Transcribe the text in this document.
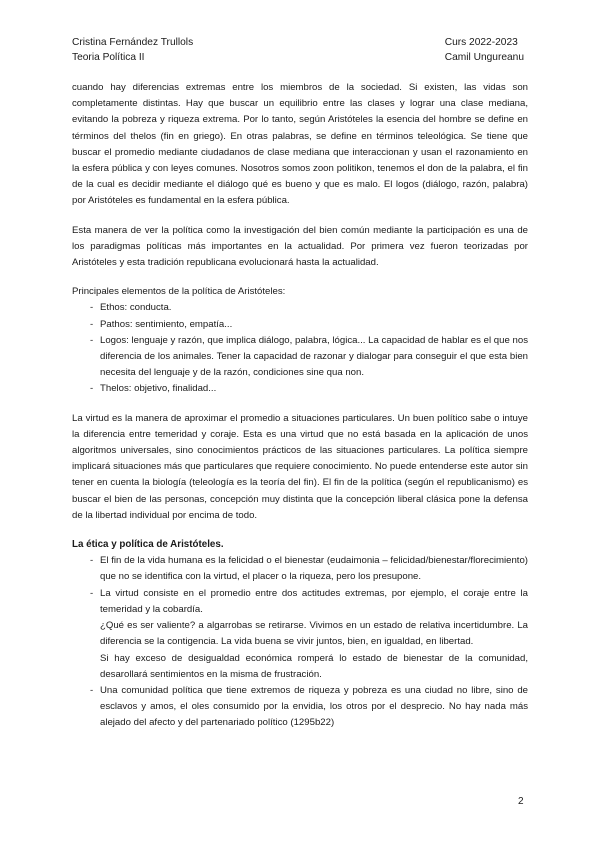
Cristina Fernández Trullols
Teoria Política II
Curs 2022-2023
Camil Ungureanu

cuando hay diferencias extremas entre los miembros de la sociedad. Si existen, las vidas son completamente distintas. Hay que buscar un equilibrio entre las clases y lograr una clase mediana, evitando la pobreza y riqueza extrema. Por lo tanto, según Aristóteles la esencia del hombre se define en términos del thelos (fin en griego). En otras palabras, se define en términos teleológica. Se tiene que buscar el promedio mediante ciudadanos de clase mediana que interaccionan y usan el razonamiento en la esfera pública y con leyes comunes. Nosotros somos zoon politikon, tenemos el don de la palabra, el fin de la cual es decidir mediante el diálogo qué es bueno y que es malo. El logos (diálogo, razón, palabra) por Aristóteles es fundamental en la esfera pública.

Esta manera de ver la política como la investigación del bien común mediante la participación es una de los paradigmas políticas más importantes en la actualidad. Por primera vez fueron teorizadas por Aristóteles y esta tradición republicana evolucionará hasta la actualidad.

Principales elementos de la política de Aristóteles:

- Ethos: conducta.
- Pathos: sentimiento, empatía...
- Logos: lenguaje y razón, que implica diálogo, palabra, lógica... La capacidad de hablar es el que nos diferencia de los animales. Tener la capacidad de razonar y dialogar para conseguir el que esta bien necesita del lenguaje y de la razón, condiciones sine qua non.
- Thelos: objetivo, finalidad...

La virtud es la manera de aproximar el promedio a situaciones particulares. Un buen político sabe o intuye la diferencia entre temeridad y coraje. Esta es una virtud que no está basada en la aplicación de unos algoritmos universales, sino conocimientos prácticos de las situaciones particulares. La política siempre implicará situaciones más que particulares que requiere conocimiento. No puede entenderse este autor sin tener en cuenta la biología (teleología es la teoría del fin). El fin de la política (según el republicanismo) es buscar el bien de las personas, concepción muy distinta que la concepción liberal clásica pone la defensa de la libertad individual por encima de todo.

La ética y política de Aristóteles.
- El fin de la vida humana es la felicidad o el bienestar (eudaimonia – felicidad/bienestar/florecimiento) que no se identifica con la virtud, el placer o la riqueza, pero los presupone.
- La virtud consiste en el promedio entre dos actitudes extremas, por ejemplo, el coraje entre la temeridad y la cobardía.
¿Qué es ser valiente? a algarrobas se retirarse. Vivimos en un estado de relativa incertidumbre. La diferencia se la contigencia. La vida buena se vivir juntos, bien, en igualdad, en libertad.
Si hay exceso de desigualdad económica romperá lo estado de bienestar de la comunidad, desarollará sentimientos en la misma de frustración.
- Una comunidad política que tiene extremos de riqueza y pobreza es una ciudad no libre, sino de esclavos y amos, el oles consumido por la envidia, los otros por el desprecio. No hay nada más alejado del afecto y del partenariado político (1295b22)
2
